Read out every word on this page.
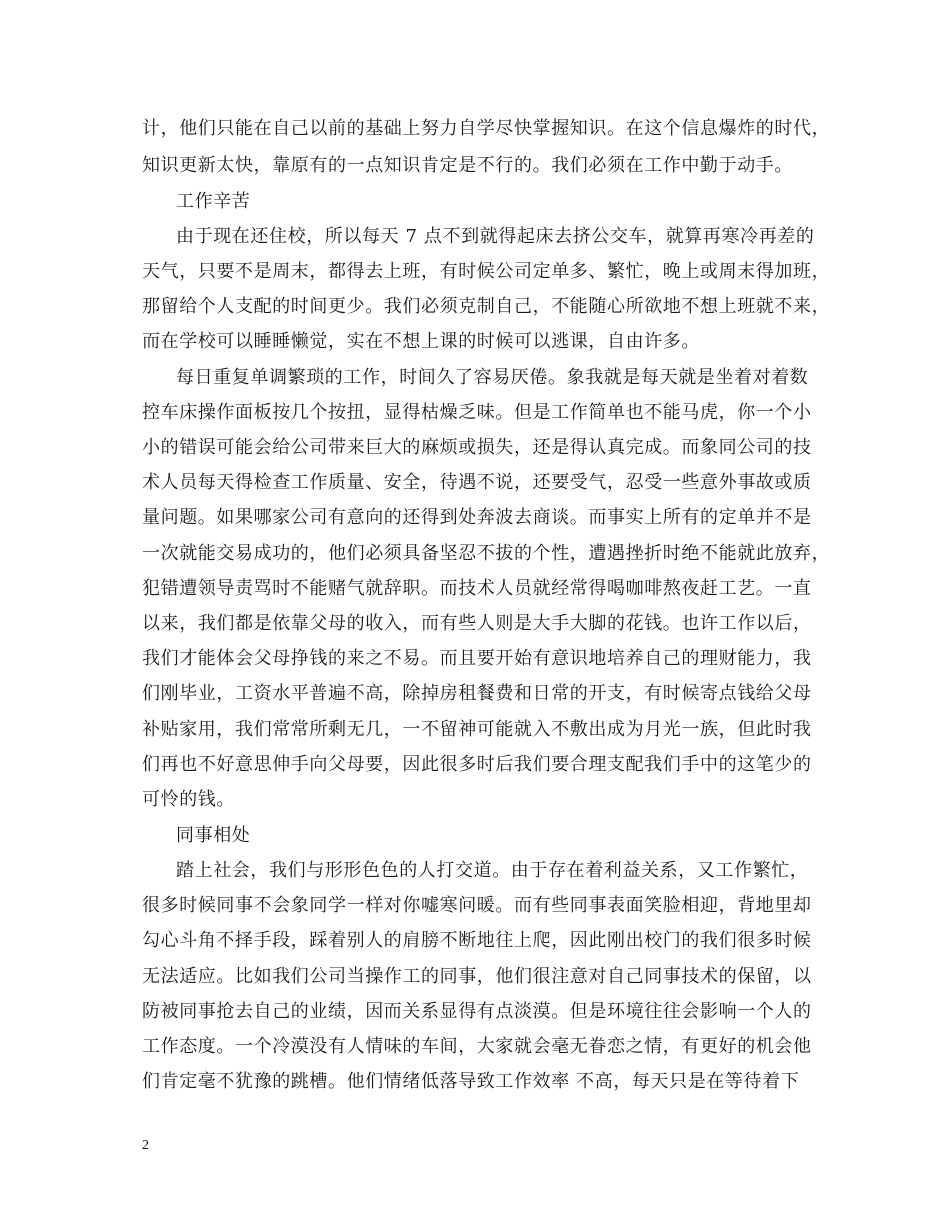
计，他们只能在自己以前的基础上努力自学尽快掌握知识。在这个信息爆炸的时代，
知识更新太快，靠原有的一点知识肯定是不行的。我们必须在工作中勤于动手。
工作辛苦
由于现在还住校，所以每天 7 点不到就得起床去挤公交车，就算再寒冷再差的
天气，只要不是周末，都得去上班，有时候公司定单多、繁忙，晚上或周末得加班，
那留给个人支配的时间更少。我们必须克制自己，不能随心所欲地不想上班就不来，
而在学校可以睡睡懒觉，实在不想上课的时候可以逃课，自由许多。
每日重复单调繁琐的工作，时间久了容易厌倦。象我就是每天就是坐着对着数
控车床操作面板按几个按扭，显得枯燥乏味。但是工作简单也不能马虎，你一个小
小的错误可能会给公司带来巨大的麻烦或损失，还是得认真完成。而象同公司的技
术人员每天得检查工作质量、安全，待遇不说，还要受气，忍受一些意外事故或质
量问题。如果哪家公司有意向的还得到处奔波去商谈。而事实上所有的定单并不是
一次就能交易成功的，他们必须具备坚忍不拔的个性，遭遇挫折时绝不能就此放弃，
犯错遭领导责骂时不能赌气就辞职。而技术人员就经常得喝咖啡熬夜赶工艺。一直
以来，我们都是依靠父母的收入，而有些人则是大手大脚的花钱。也许工作以后，
我们才能体会父母挣钱的来之不易。而且要开始有意识地培养自己的理财能力，我
们刚毕业，工资水平普遍不高，除掉房租餐费和日常的开支，有时候寄点钱给父母
补贴家用，我们常常所剩无几，一不留神可能就入不敷出成为月光一族，但此时我
们再也不好意思伸手向父母要，因此很多时后我们要合理支配我们手中的这笔少的
可怜的钱。
同事相处
踏上社会，我们与形形色色的人打交道。由于存在着利益关系，又工作繁忙，
很多时候同事不会象同学一样对你嘘寒问暖。而有些同事表面笑脸相迎，背地里却
勾心斗角不择手段，踩着别人的肩膀不断地往上爬，因此刚出校门的我们很多时候
无法适应。比如我们公司当操作工的同事，他们很注意对自己同事技术的保留，以
防被同事抢去自己的业绩，因而关系显得有点淡漠。但是环境往往会影响一个人的
工作态度。一个冷漠没有人情味的车间，大家就会毫无眷恋之情，有更好的机会他
们肯定毫不犹豫的跳槽。他们情绪低落导致工作效率 不高，每天只是在等待着下
2
